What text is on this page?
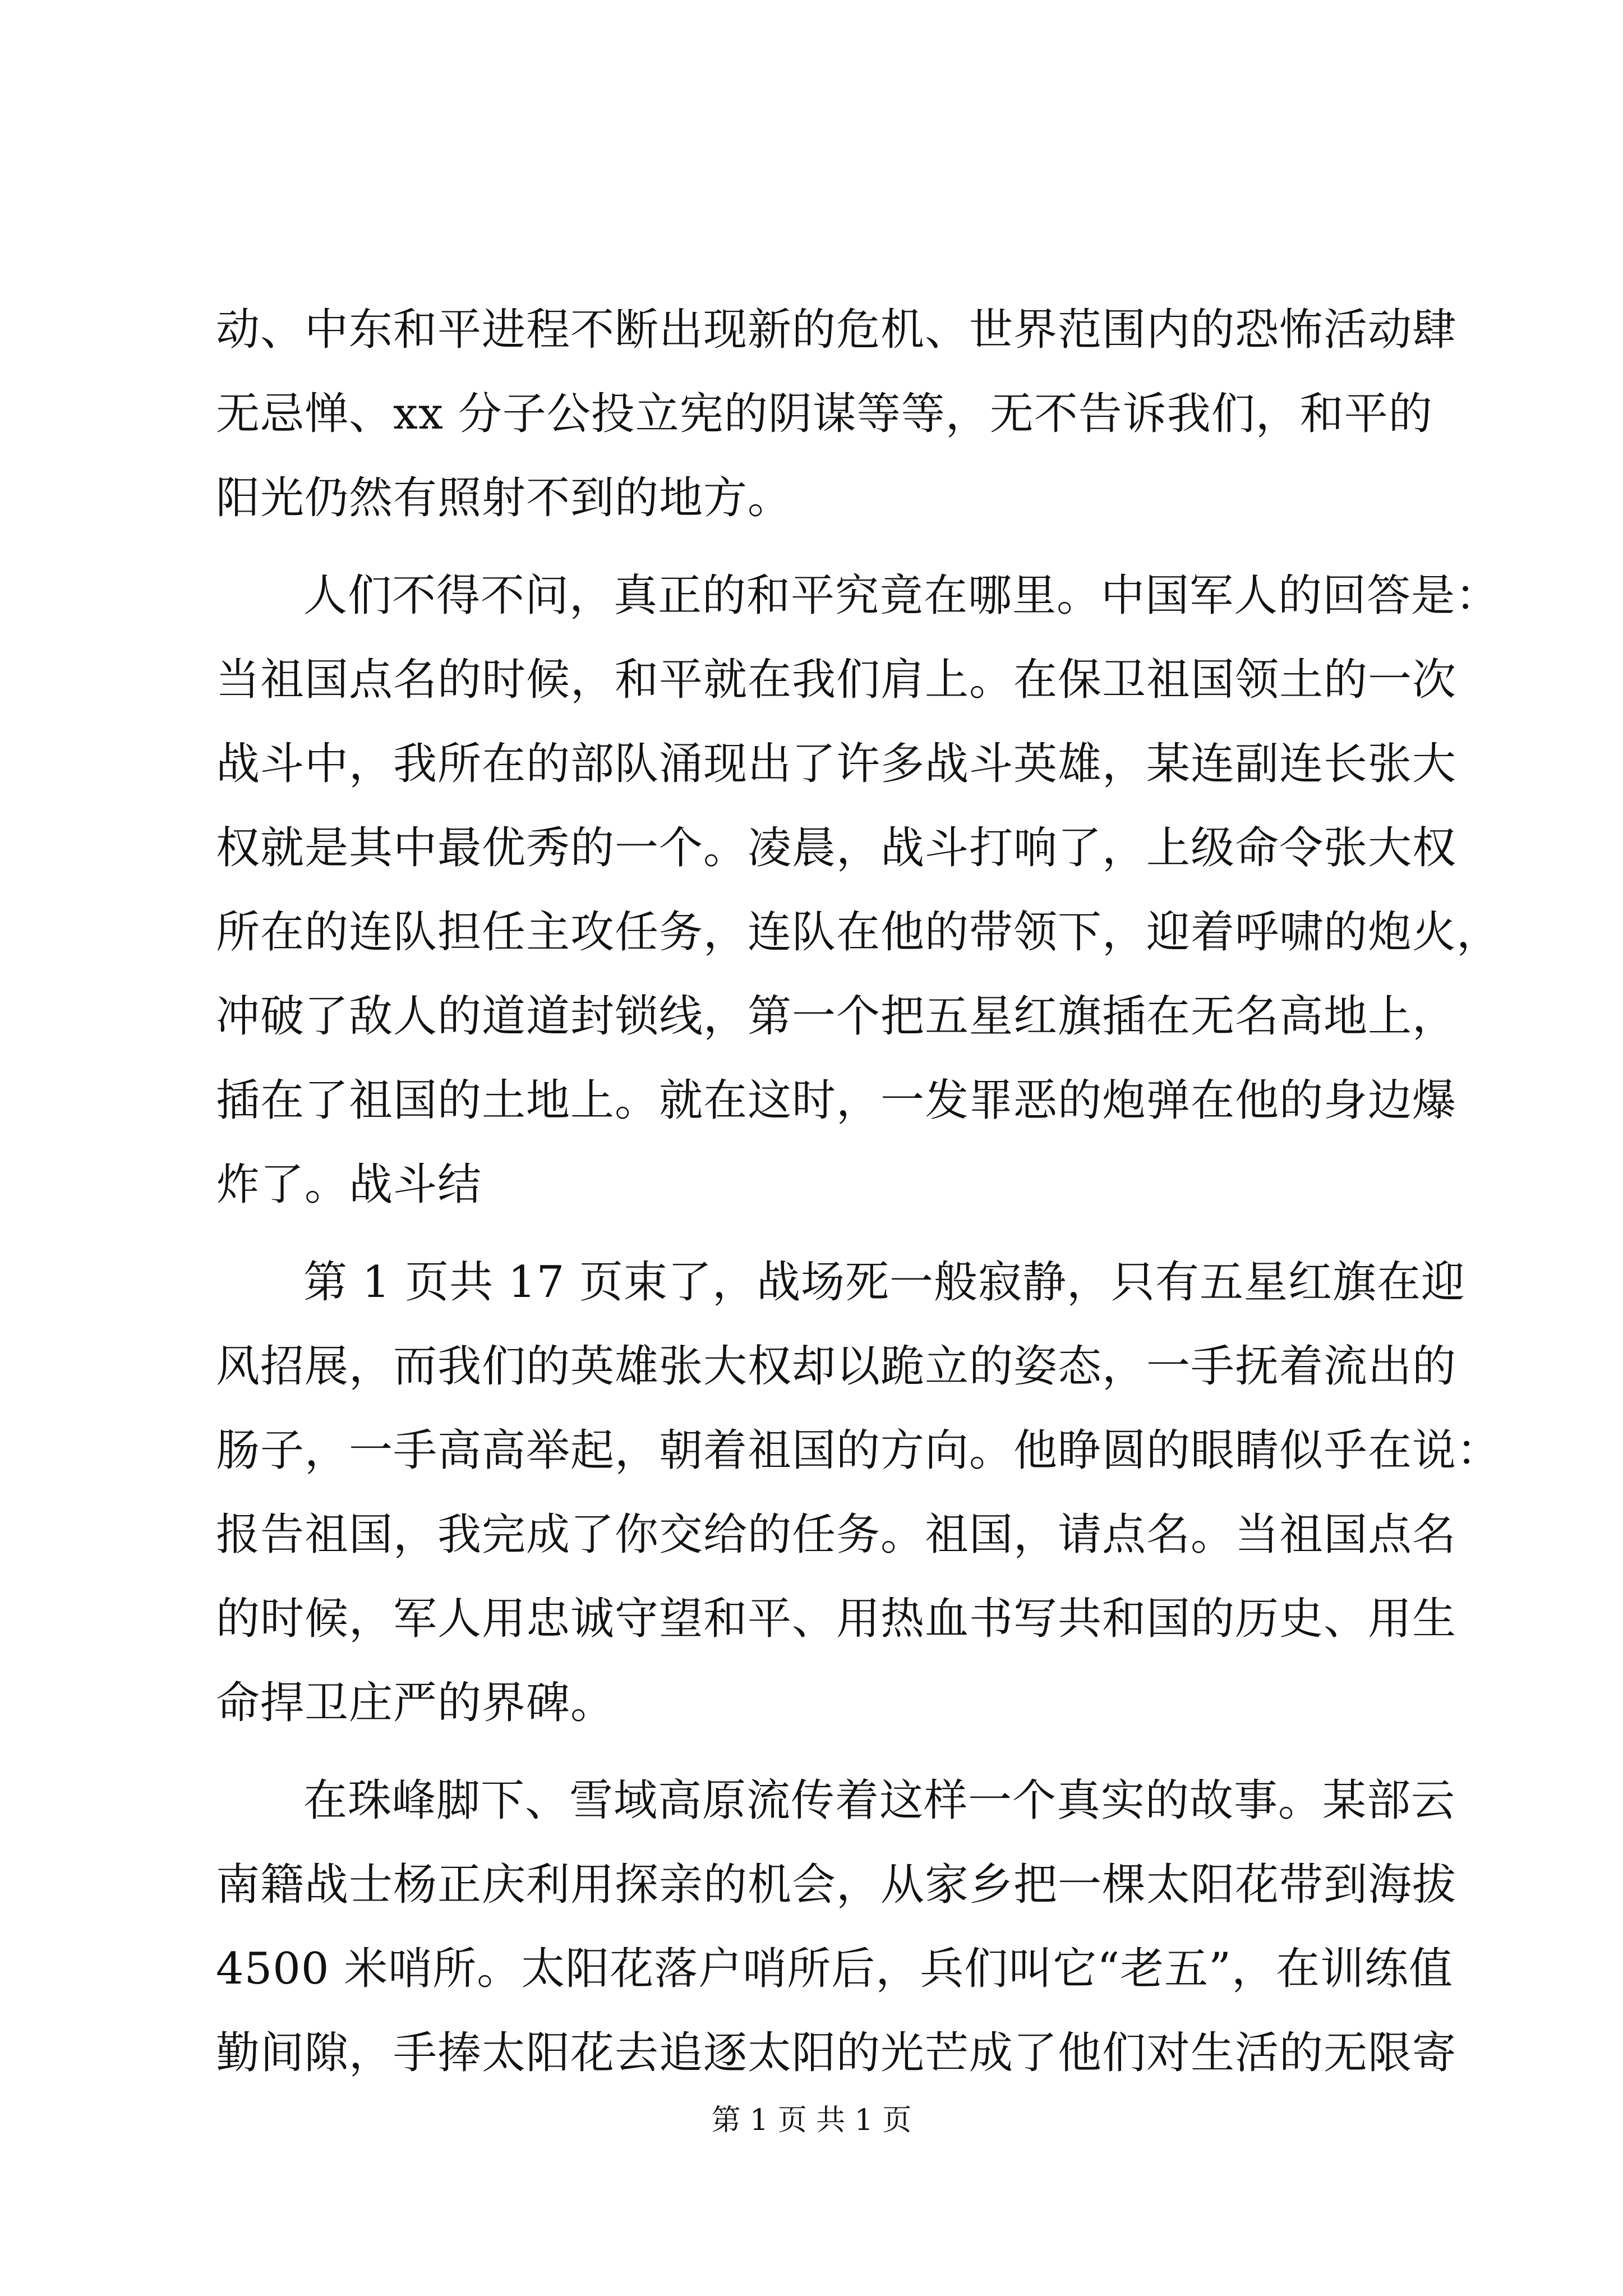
动、中东和平进程不断出现新的危机、世界范围内的恐怖活动肆
无忌惮、xx 分子公投立宪的阴谋等等，无不告诉我们，和平的
阳光仍然有照射不到的地方。
人们不得不问，真正的和平究竟在哪里。中国军人的回答是：
当祖国点名的时候，和平就在我们肩上。在保卫祖国领土的一次
战斗中，我所在的部队涌现出了许多战斗英雄，某连副连长张大
权就是其中最优秀的一个。凌晨，战斗打响了，上级命令张大权
所在的连队担任主攻任务，连队在他的带领下，迎着呼啸的炮火，
冲破了敌人的道道封锁线，第一个把五星红旗插在无名高地上，
插在了祖国的土地上。就在这时，一发罪恶的炮弹在他的身边爆
炸了。战斗结
第 1 页共 17 页束了，战场死一般寂静，只有五星红旗在迎
风招展，而我们的英雄张大权却以跪立的姿态，一手抚着流出的
肠子，一手高高举起，朝着祖国的方向。他睁圆的眼睛似乎在说：
报告祖国，我完成了你交给的任务。祖国，请点名。当祖国点名
的时候，军人用忠诚守望和平、用热血书写共和国的历史、用生
命捍卫庄严的界碑。
在珠峰脚下、雪域高原流传着这样一个真实的故事。某部云
南籍战士杨正庆利用探亲的机会，从家乡把一棵太阳花带到海拔
4500 米哨所。太阳花落户哨所后，兵们叫它“老五”，在训练值
勤间隙，手捧太阳花去追逐太阳的光芒成了他们对生活的无限寄
第 1 页 共 1 页
